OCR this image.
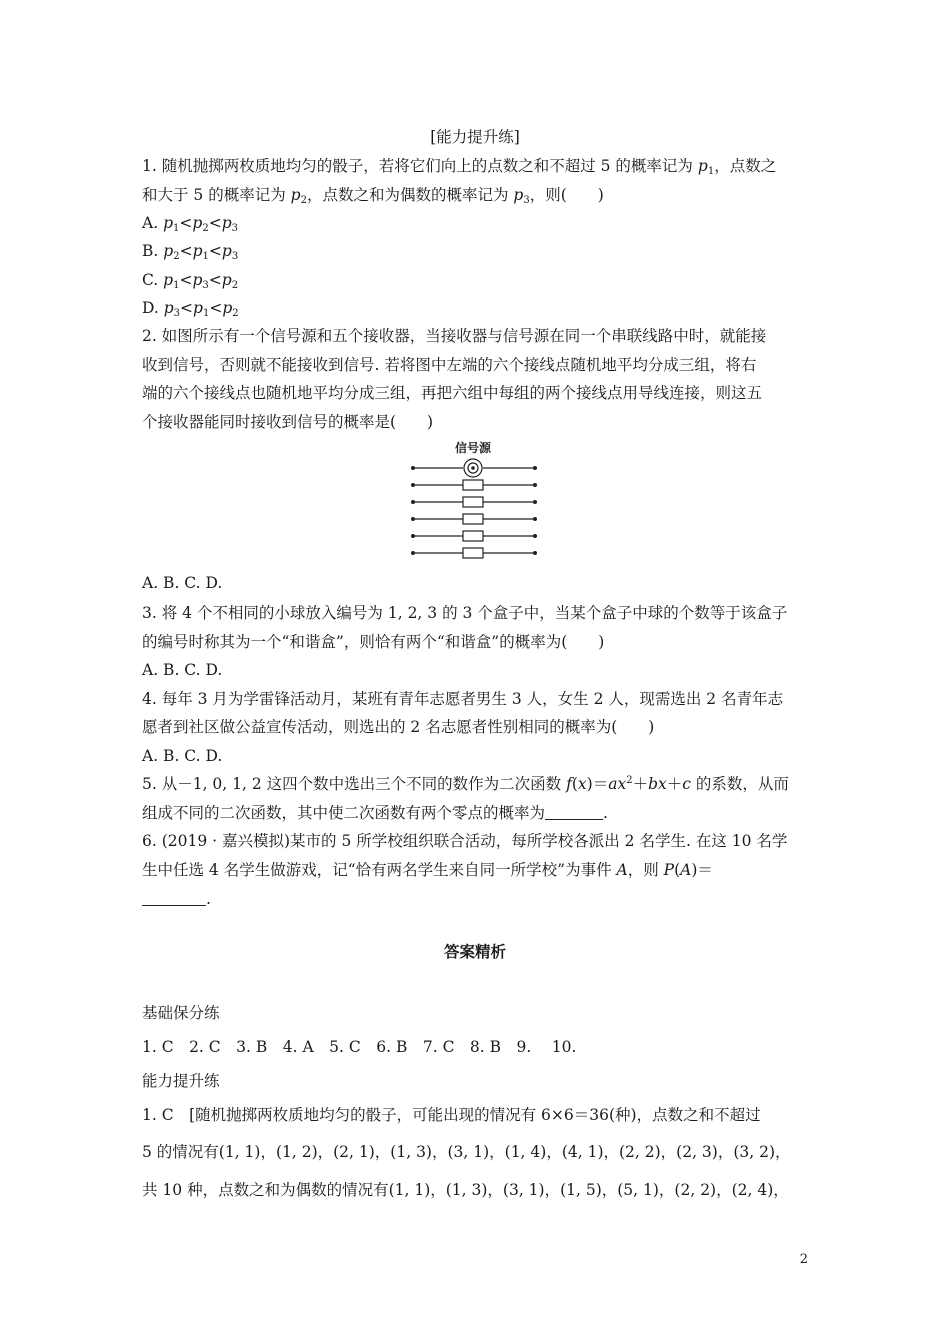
[能力提升练]
1. 随机抛掷两枚质地均匀的骰子，若将它们向上的点数之和不超过 5 的概率记为 $p_1$，点数之
和大于 5 的概率记为 $p_2$，点数之和为偶数的概率记为 $p_3$，则(　　)
A. $p_1<p_2<p_3$
B. $p_2<p_1<p_3$
C. $p_1<p_3<p_2$
D. $p_3<p_1<p_2$
2. 如图所示有一个信号源和五个接收器，当接收器与信号源在同一个串联线路中时，就能接
收到信号，否则就不能接收到信号. 若将图中左端的六个接线点随机地平均分成三组，将右
端的六个接线点也随机地平均分成三组，再把六组中每组的两个接线点用导线连接，则这五
个接收器能同时接收到信号的概率是(　　)
信号源
A. B. C. D.
3. 将 4 个不相同的小球放入编号为 1, 2, 3 的 3 个盒子中，当某个盒子中球的个数等于该盒子
的编号时称其为一个“和谐盒”，则恰有两个“和谐盒”的概率为(　　)
A. B. C. D.
4. 每年 3 月为学雷锋活动月，某班有青年志愿者男生 3 人，女生 2 人，现需选出 2 名青年志
愿者到社区做公益宣传活动，则选出的 2 名志愿者性别相同的概率为(　　)
A. B. C. D.
5. 从－1, 0, 1, 2 这四个数中选出三个不同的数作为二次函数 $f(x)=ax^2+bx+c$ 的系数，从而
组成不同的二次函数，其中使二次函数有两个零点的概率为	.
6. (2019 · 嘉兴模拟)某市的 5 所学校组织联合活动，每所学校各派出 2 名学生. 在这 10 名学
生中任选 4 名学生做游戏，记“恰有两名学生来自同一所学校”为事件 A，则 P(A)＝
.
答案精析
基础保分练
1. C　2. C　3. B　4. A　5. C　6. B　7. C　8. B　9.　 10.
能力提升练
1. C　[随机抛掷两枚质地均匀的骰子，可能出现的情况有 6×6＝36(种)，点数之和不超过
5 的情况有(1, 1)，(1, 2)，(2, 1)，(1, 3)，(3, 1)，(1, 4)，(4, 1)，(2, 2)，(2, 3)，(3, 2)，
共 10 种，点数之和为偶数的情况有(1, 1)，(1, 3)，(3, 1)，(1, 5)，(5, 1)，(2, 2)，(2, 4)，
2
